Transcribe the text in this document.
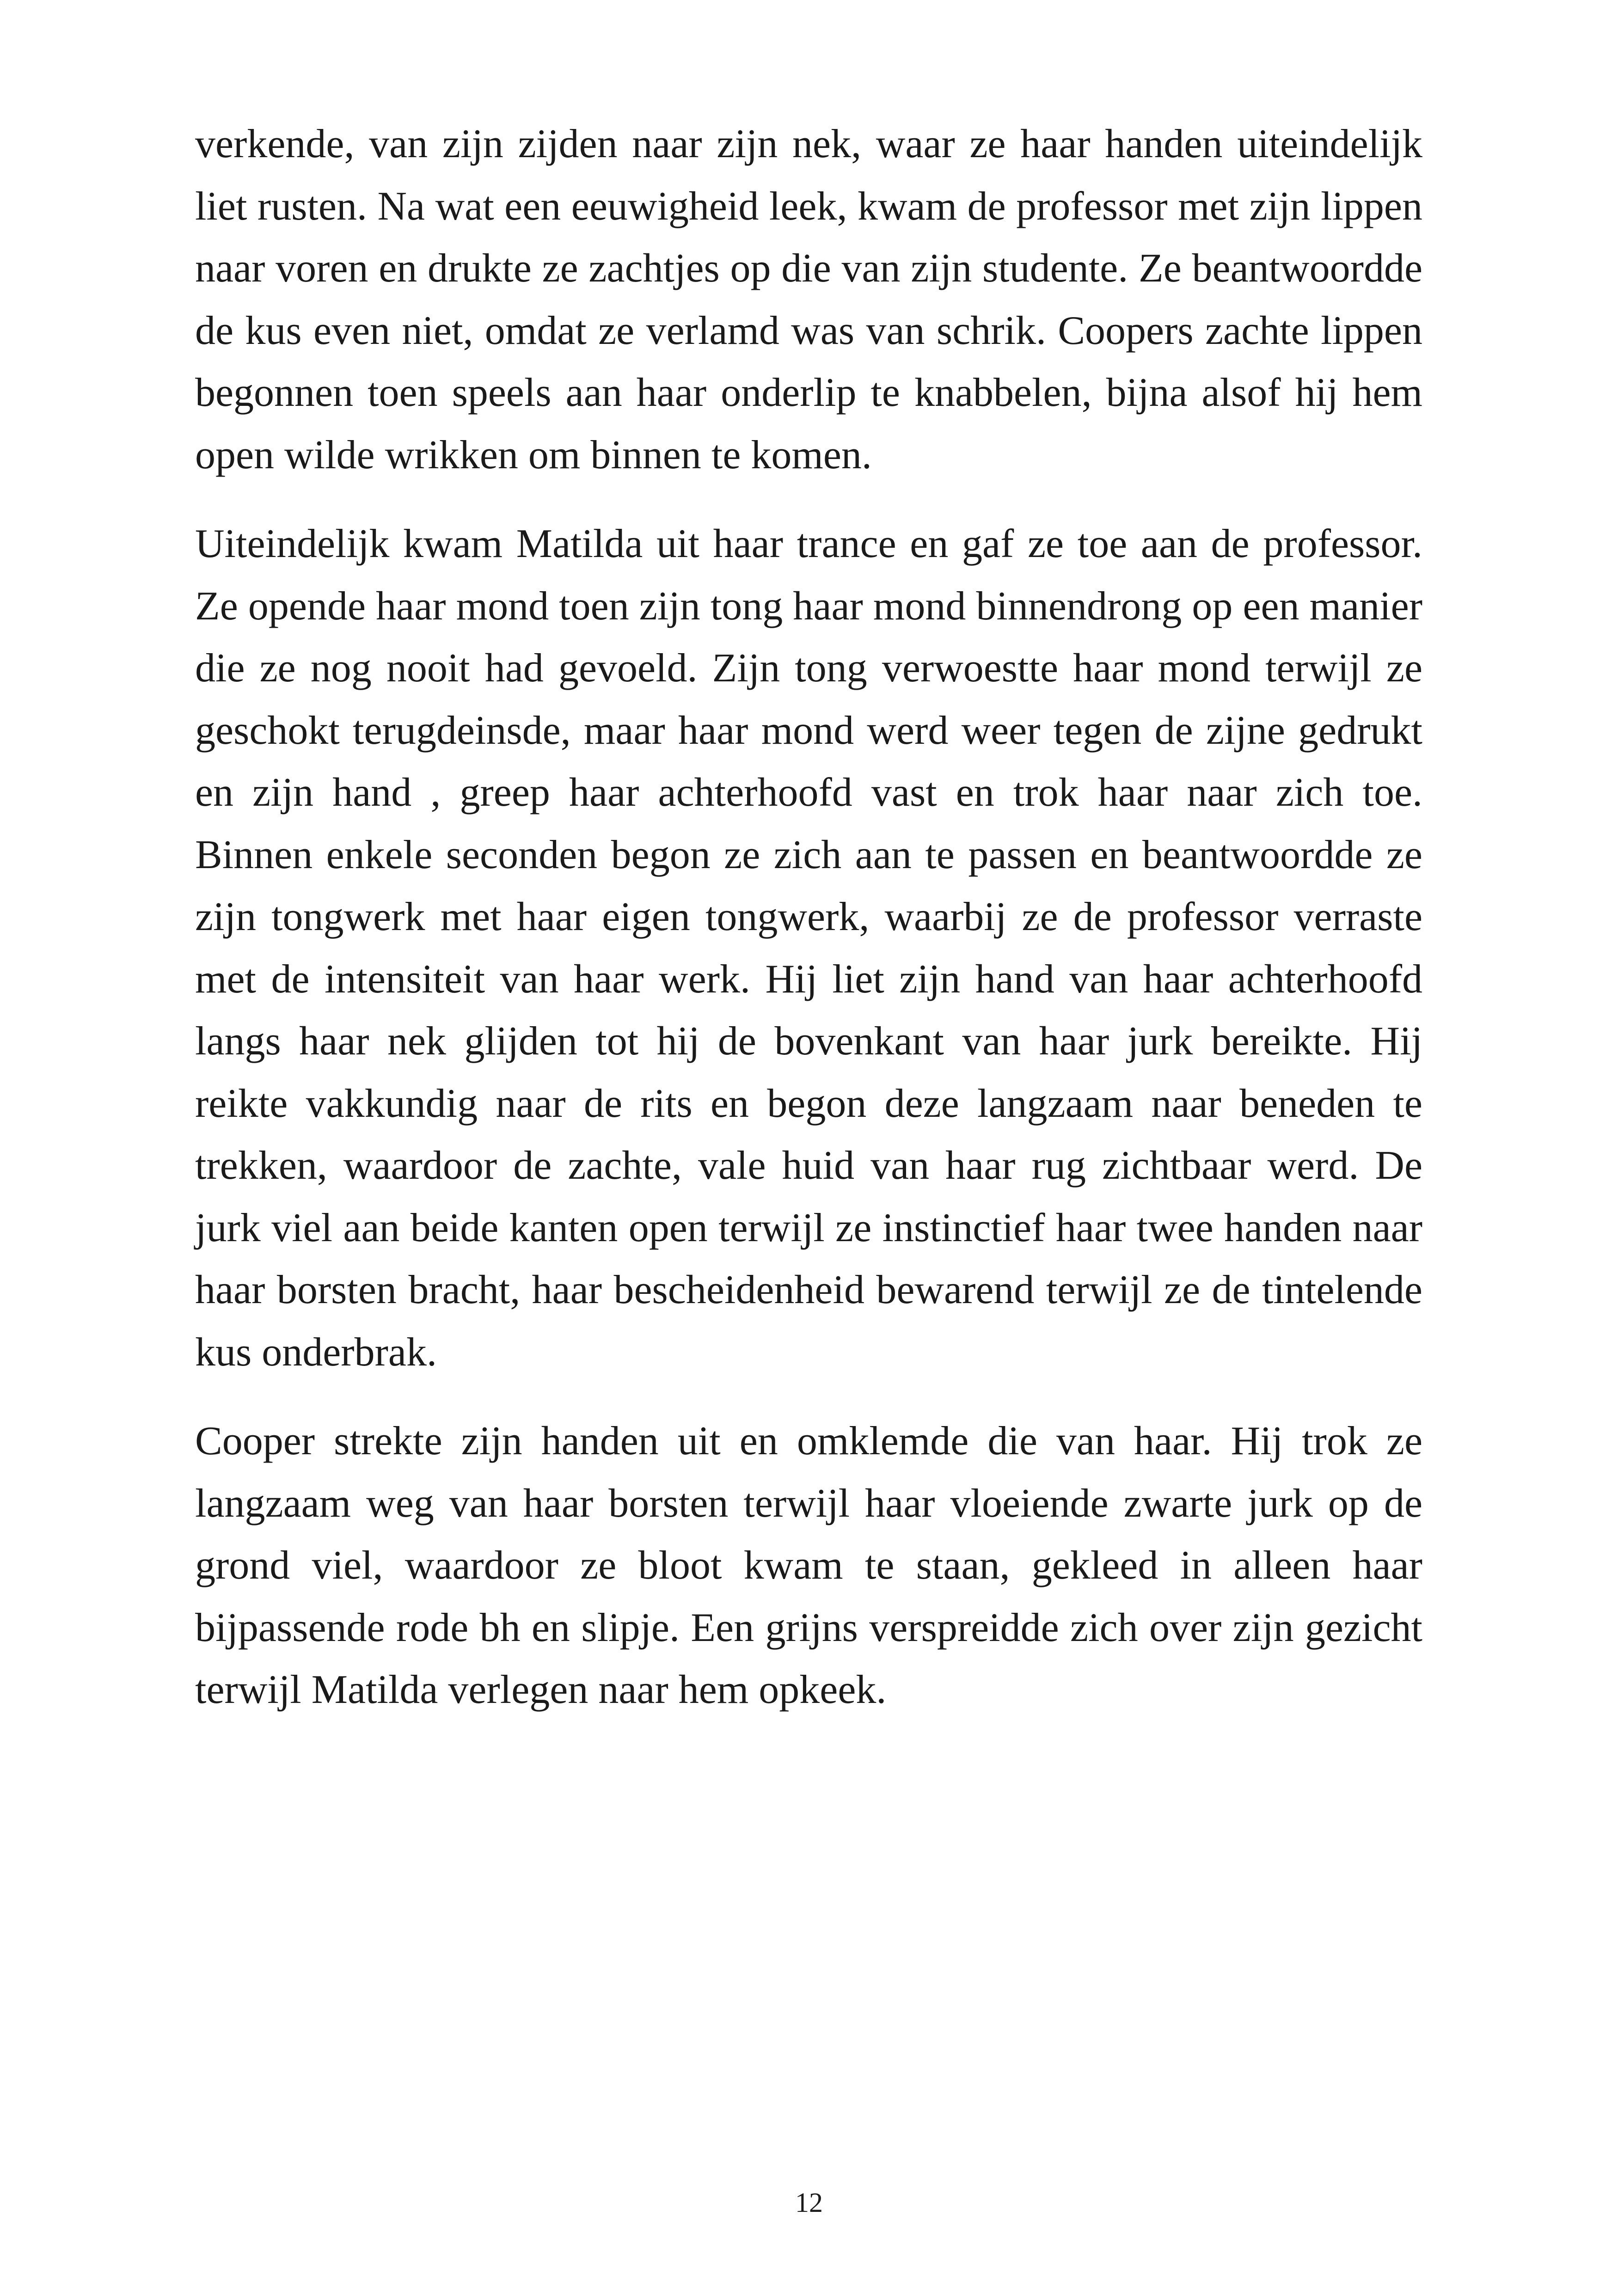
verkende, van zijn zijden naar zijn nek, waar ze haar handen uiteindelijk liet rusten. Na wat een eeuwigheid leek, kwam de professor met zijn lippen naar voren en drukte ze zachtjes op die van zijn studente. Ze beantwoordde de kus even niet, omdat ze verlamd was van schrik. Coopers zachte lippen begonnen toen speels aan haar onderlip te knabbelen, bijna alsof hij hem open wilde wrikken om binnen te komen.

Uiteindelijk kwam Matilda uit haar trance en gaf ze toe aan de professor. Ze opende haar mond toen zijn tong haar mond binnendrong op een manier die ze nog nooit had gevoeld. Zijn tong verwoestte haar mond terwijl ze geschokt terugdeinsde, maar haar mond werd weer tegen de zijne gedrukt en zijn hand , greep haar achterhoofd vast en trok haar naar zich toe. Binnen enkele seconden begon ze zich aan te passen en beantwoordde ze zijn tongwerk met haar eigen tongwerk, waarbij ze de professor verraste met de intensiteit van haar werk. Hij liet zijn hand van haar achterhoofd langs haar nek glijden tot hij de bovenkant van haar jurk bereikte. Hij reikte vakkundig naar de rits en begon deze langzaam naar beneden te trekken, waardoor de zachte, vale huid van haar rug zichtbaar werd. De jurk viel aan beide kanten open terwijl ze instinctief haar twee handen naar haar borsten bracht, haar bescheidenheid bewarend terwijl ze de tintelende kus onderbrak.

Cooper strekte zijn handen uit en omklemde die van haar. Hij trok ze langzaam weg van haar borsten terwijl haar vloeiende zwarte jurk op de grond viel, waardoor ze bloot kwam te staan, gekleed in alleen haar bijpassende rode bh en slipje. Een grijns verspreidde zich over zijn gezicht terwijl Matilda verlegen naar hem opkeek.

12
